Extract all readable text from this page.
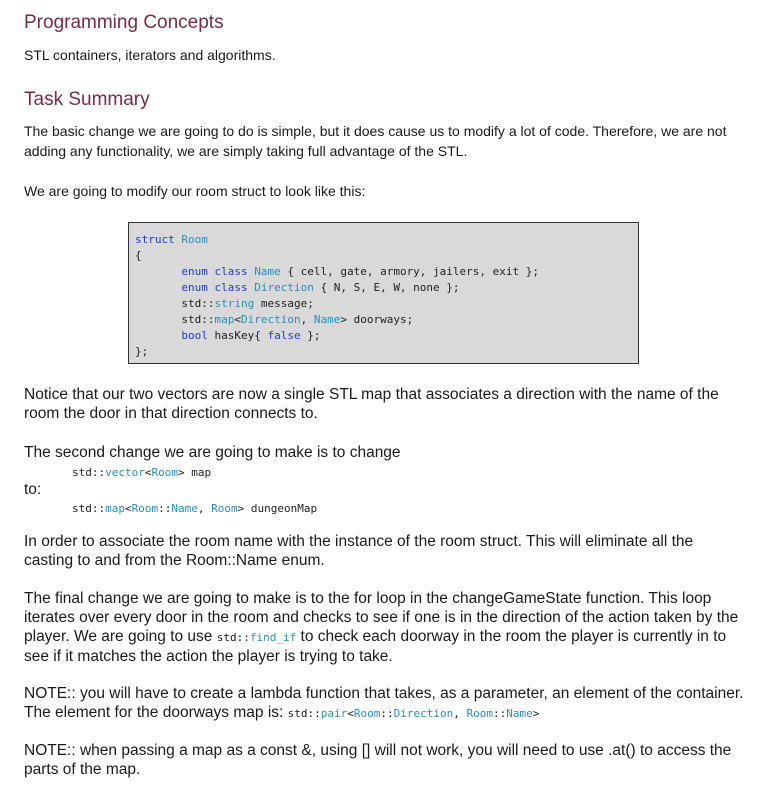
Programming Concepts

STL containers, iterators and algorithms.

Task Summary

The basic change we are going to do is simple, but it does cause us to modify a lot of code. Therefore, we are not adding any functionality, we are simply taking full advantage of the STL.

We are going to modify our room struct to look like this:

struct Room
{
enum class Name { cell, gate, armory, jailers, exit };
enum class Direction { N, S, E, W, none };
std::string message;
std::map<Direction, Name> doorways;
bool hasKey{ false };
};

Notice that our two vectors are now a single STL map that associates a direction with the name of the room the door in that direction connects to.

The second change we are going to make is to change

std::vector<Room> map

to:

std::map<Room::Name, Room> dungeonMap

In order to associate the room name with the instance of the room struct. This will eliminate all the casting to and from the Room::Name enum.

The final change we are going to make is to the for loop in the changeGameState function. This loop iterates over every door in the room and checks to see if one is in the direction of the action taken by the player. We are going to use std::find_if to check each doorway in the room the player is currently in to see if it matches the action the player is trying to take.

NOTE:: you will have to create a lambda function that takes, as a parameter, an element of the container. The element for the doorways map is: std::pair<Room::Direction, Room::Name>

NOTE:: when passing a map as a const &, using [] will not work, you will need to use .at() to access the parts of the map.
